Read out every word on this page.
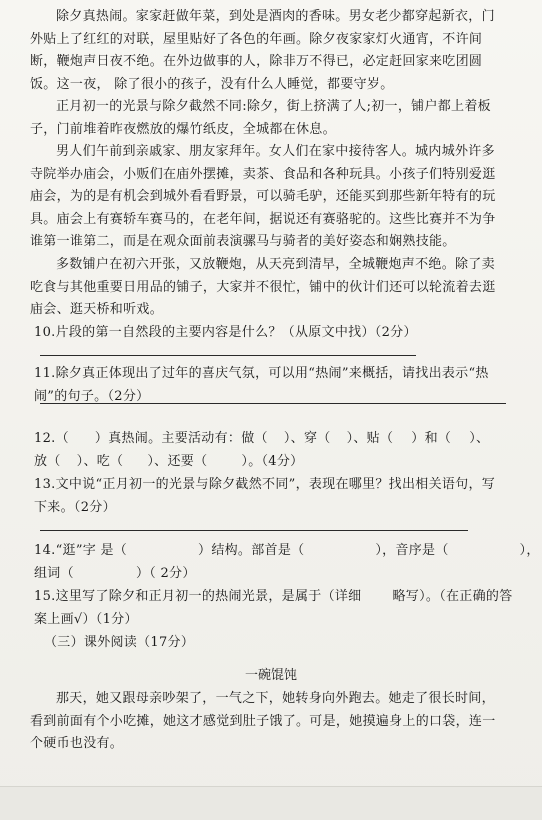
除夕真热闹。家家赶做年菜，到处是酒肉的香味。男女老少都穿起新衣，门外贴上了红红的对联，屋里贴好了各色的年画。除夕夜家家灯火通宵，不许间断，鞭炮声日夜不绝。在外边做事的人，除非万不得已，必定赶回家来吃团圆饭。这一夜， 除了很小的孩子，没有什么人睡觉，都要守岁。

正月初一的光景与除夕截然不同:除夕，街上挤满了人;初一，铺户都上着板子，门前堆着昨夜燃放的爆竹纸皮，全城都在休息。

男人们午前到亲戚家、朋友家拜年。女人们在家中接待客人。城内城外许多寺院举办庙会，小贩们在庙外摆摊，卖茶、食品和各种玩具。小孩子们特别爱逛庙会，为的是有机会到城外看看野景，可以骑毛驴，还能买到那些新年特有的玩具。庙会上有赛轿车赛马的，在老年间，据说还有赛骆驼的。这些比赛并不为争谁第一谁第二，而是在观众面前表演骡马与骑者的美好姿态和娴熟技能。

多数铺户在初六开张，又放鞭炮，从天亮到清早，全城鞭炮声不绝。除了卖吃食与其他重要日用品的铺子，大家并不很忙，铺中的伙计们还可以轮流着去逛庙会、逛天桥和听戏。

10.片段的第一自然段的主要内容是什么？（从原文中找）（2分）

11.除夕真正体现出了过年的喜庆气氛，可以用“热闹”来概括，请找出表示“热闹”的句子。（2分）

12.（ ）真热闹。主要活动有：做（ ）、穿（ ）、贴（ ）和（ ）、
放（ ）、吃（ ）、还要（	）。（4分）

13.文中说“正月初一的光景与除夕截然不同”，表现在哪里？找出相关语句，写下来。（2分）

14.“逛”字 是（                ）结构。部首是（                ），音序是（                ），

组词（              ）（ 2分）

15.这里写了除夕和正月初一的热闹光景，是属于（详细       略写）。（在正确的答

案上画√）（1分）

（三）课外阅读（17分）

一碗馄饨

那天，她又跟母亲吵架了，一气之下，她转身向外跑去。她走了很长时间，看到前面有个小吃摊，她这才感觉到肚子饿了。可是，她摸遍身上的口袋，连一个硬币也没有。
